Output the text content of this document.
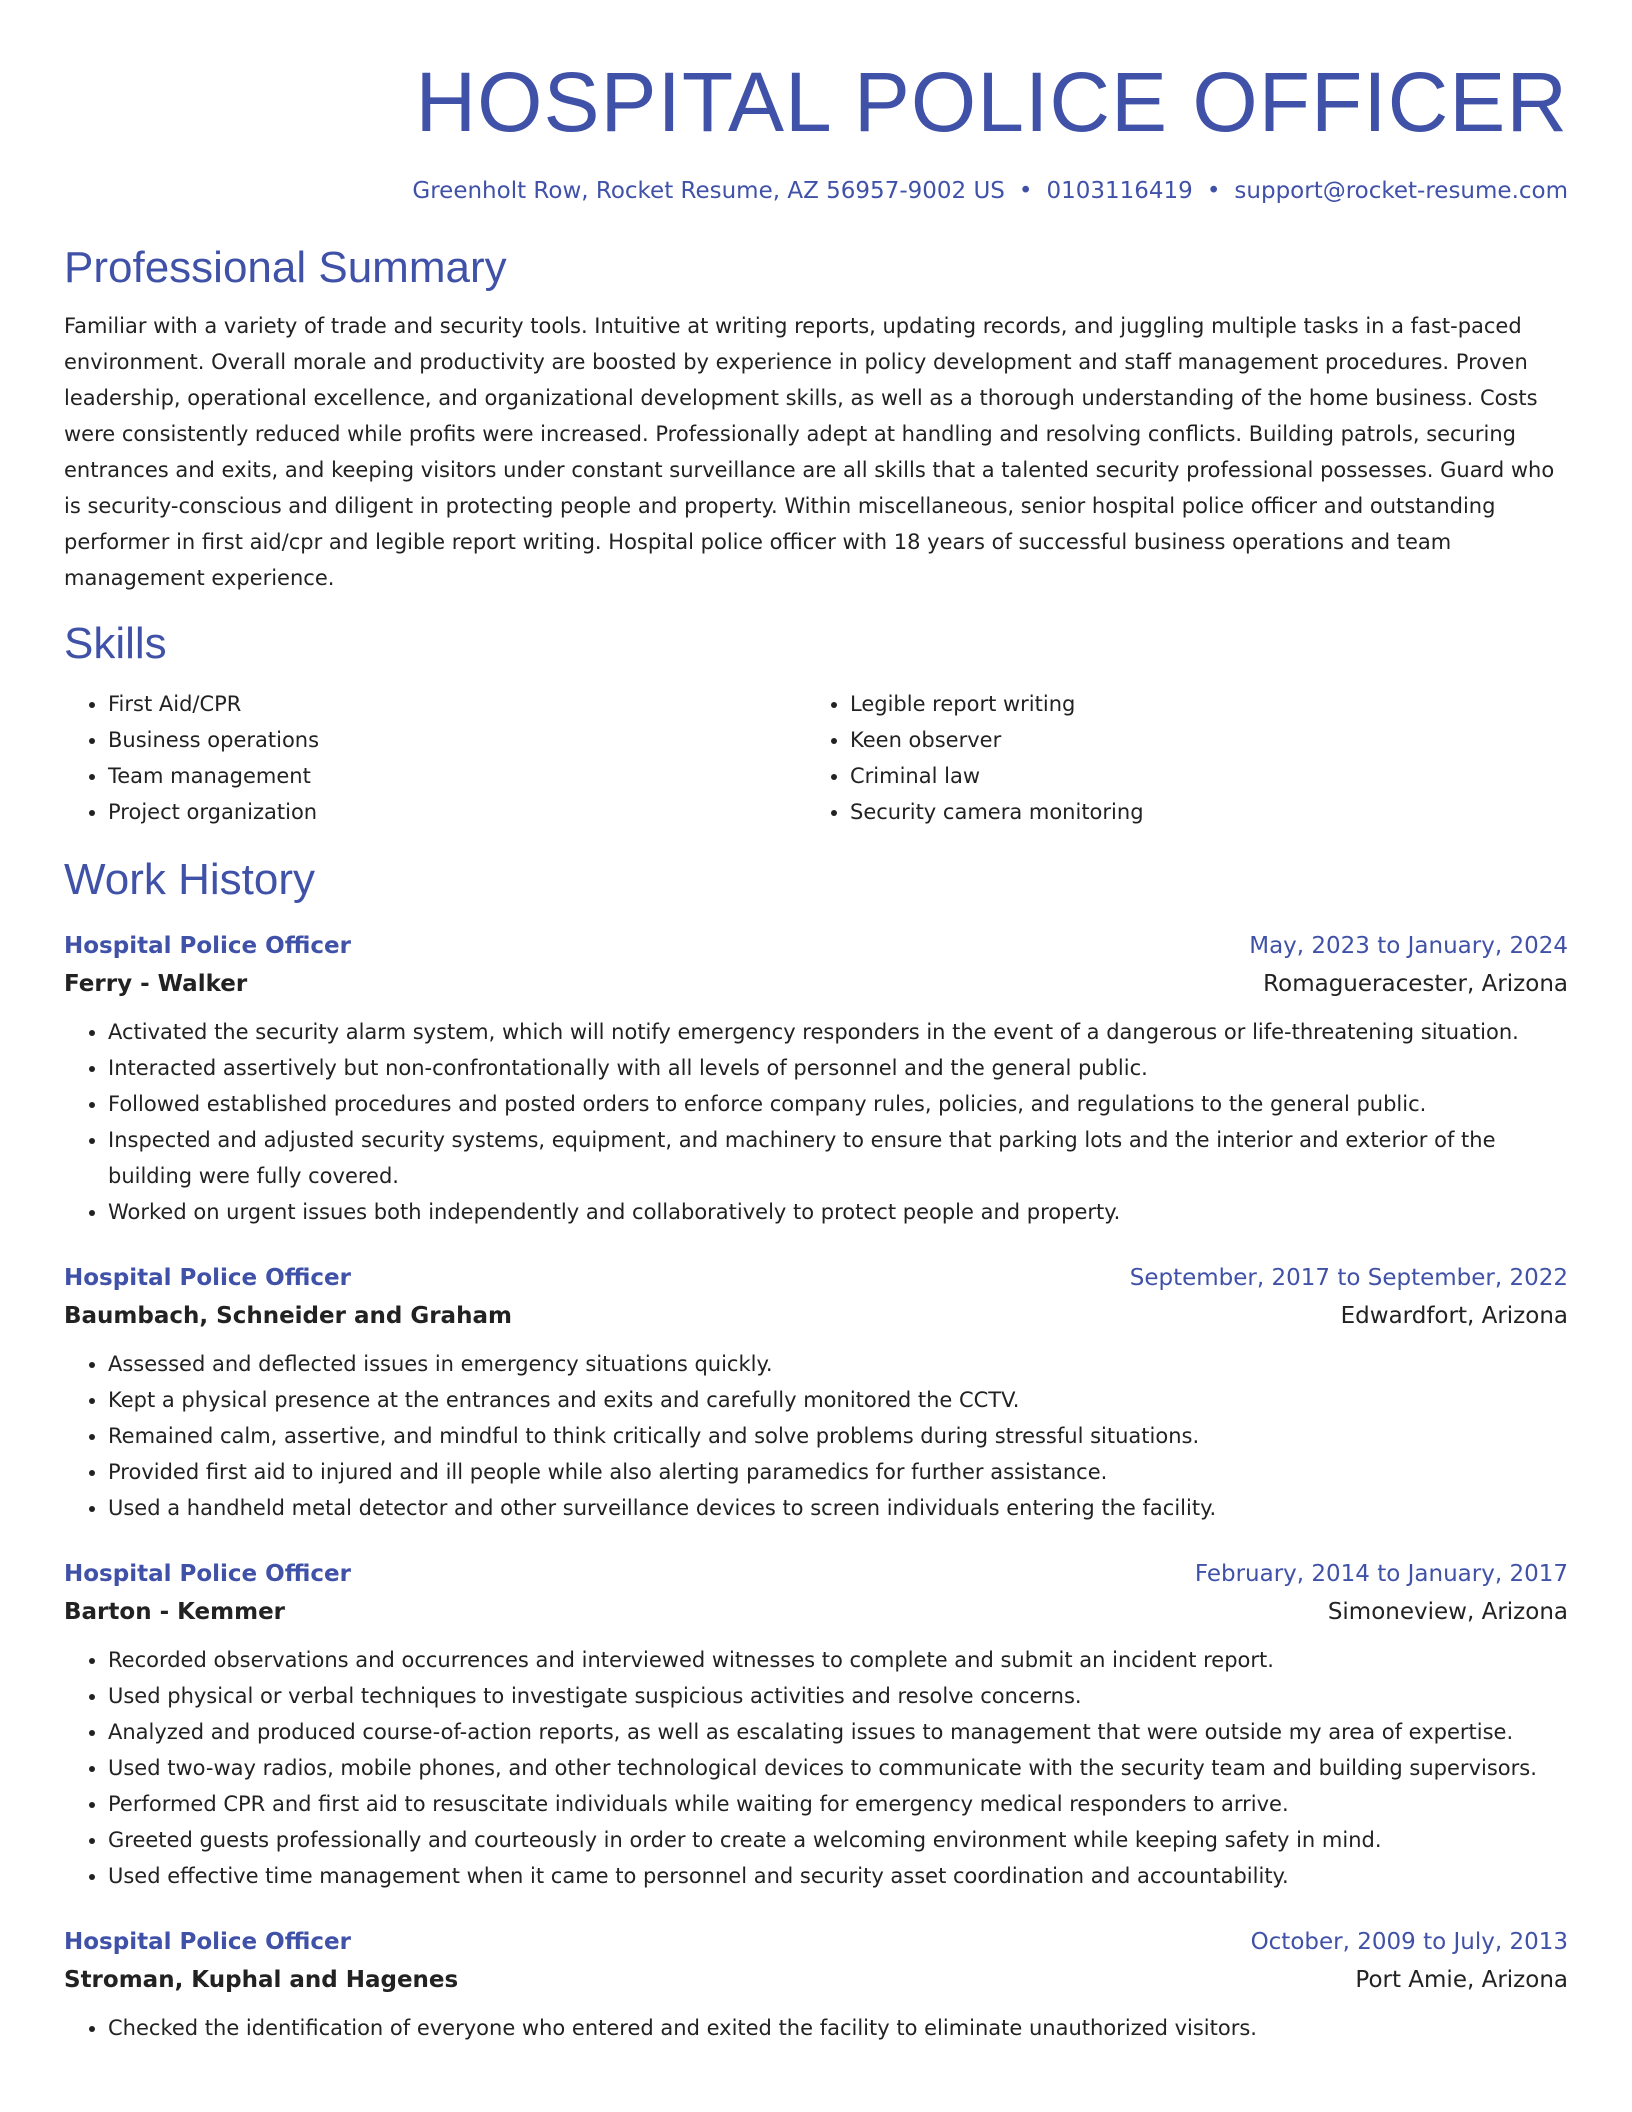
HOSPITAL POLICE OFFICER
Greenholt Row, Rocket Resume, AZ 56957-9002 US • 0103116419 • support@rocket-resume.com
Professional Summary

Familiar with a variety of trade and security tools. Intuitive at writing reports, updating records, and juggling multiple tasks in a fast-paced environment. Overall morale and productivity are boosted by experience in policy development and staff management procedures. Proven leadership, operational excellence, and organizational development skills, as well as a thorough understanding of the home business. Costs were consistently reduced while profits were increased. Professionally adept at handling and resolving conflicts. Building patrols, securing entrances and exits, and keeping visitors under constant surveillance are all skills that a talented security professional possesses. Guard who is security-conscious and diligent in protecting people and property. Within miscellaneous, senior hospital police officer and outstanding performer in first aid/cpr and legible report writing. Hospital police officer with 18 years of successful business operations and team management experience.

Skills
• First Aid/CPR
• Business operations
• Team management
• Project organization
• Legible report writing
• Keen observer
• Criminal law
• Security camera monitoring
Work History
Hospital Police Officer	May, 2023 to January, 2024
Ferry - Walker	Romagueracester, Arizona
• Activated the security alarm system, which will notify emergency responders in the event of a dangerous or life-threatening situation.
• Interacted assertively but non-confrontationally with all levels of personnel and the general public.
• Followed established procedures and posted orders to enforce company rules, policies, and regulations to the general public.
• Inspected and adjusted security systems, equipment, and machinery to ensure that parking lots and the interior and exterior of the building were fully covered.
• Worked on urgent issues both independently and collaboratively to protect people and property.
Hospital Police Officer	September, 2017 to September, 2022
Baumbach, Schneider and Graham	Edwardfort, Arizona
• Assessed and deflected issues in emergency situations quickly.
• Kept a physical presence at the entrances and exits and carefully monitored the CCTV.
• Remained calm, assertive, and mindful to think critically and solve problems during stressful situations.
• Provided first aid to injured and ill people while also alerting paramedics for further assistance.
• Used a handheld metal detector and other surveillance devices to screen individuals entering the facility.
Hospital Police Officer	February, 2014 to January, 2017
Barton - Kemmer	Simoneview, Arizona
• Recorded observations and occurrences and interviewed witnesses to complete and submit an incident report.
• Used physical or verbal techniques to investigate suspicious activities and resolve concerns.
• Analyzed and produced course-of-action reports, as well as escalating issues to management that were outside my area of expertise.
• Used two-way radios, mobile phones, and other technological devices to communicate with the security team and building supervisors.
• Performed CPR and first aid to resuscitate individuals while waiting for emergency medical responders to arrive.
• Greeted guests professionally and courteously in order to create a welcoming environment while keeping safety in mind.
• Used effective time management when it came to personnel and security asset coordination and accountability.
Hospital Police Officer	October, 2009 to July, 2013
Stroman, Kuphal and Hagenes	Port Amie, Arizona
• Checked the identification of everyone who entered and exited the facility to eliminate unauthorized visitors.
